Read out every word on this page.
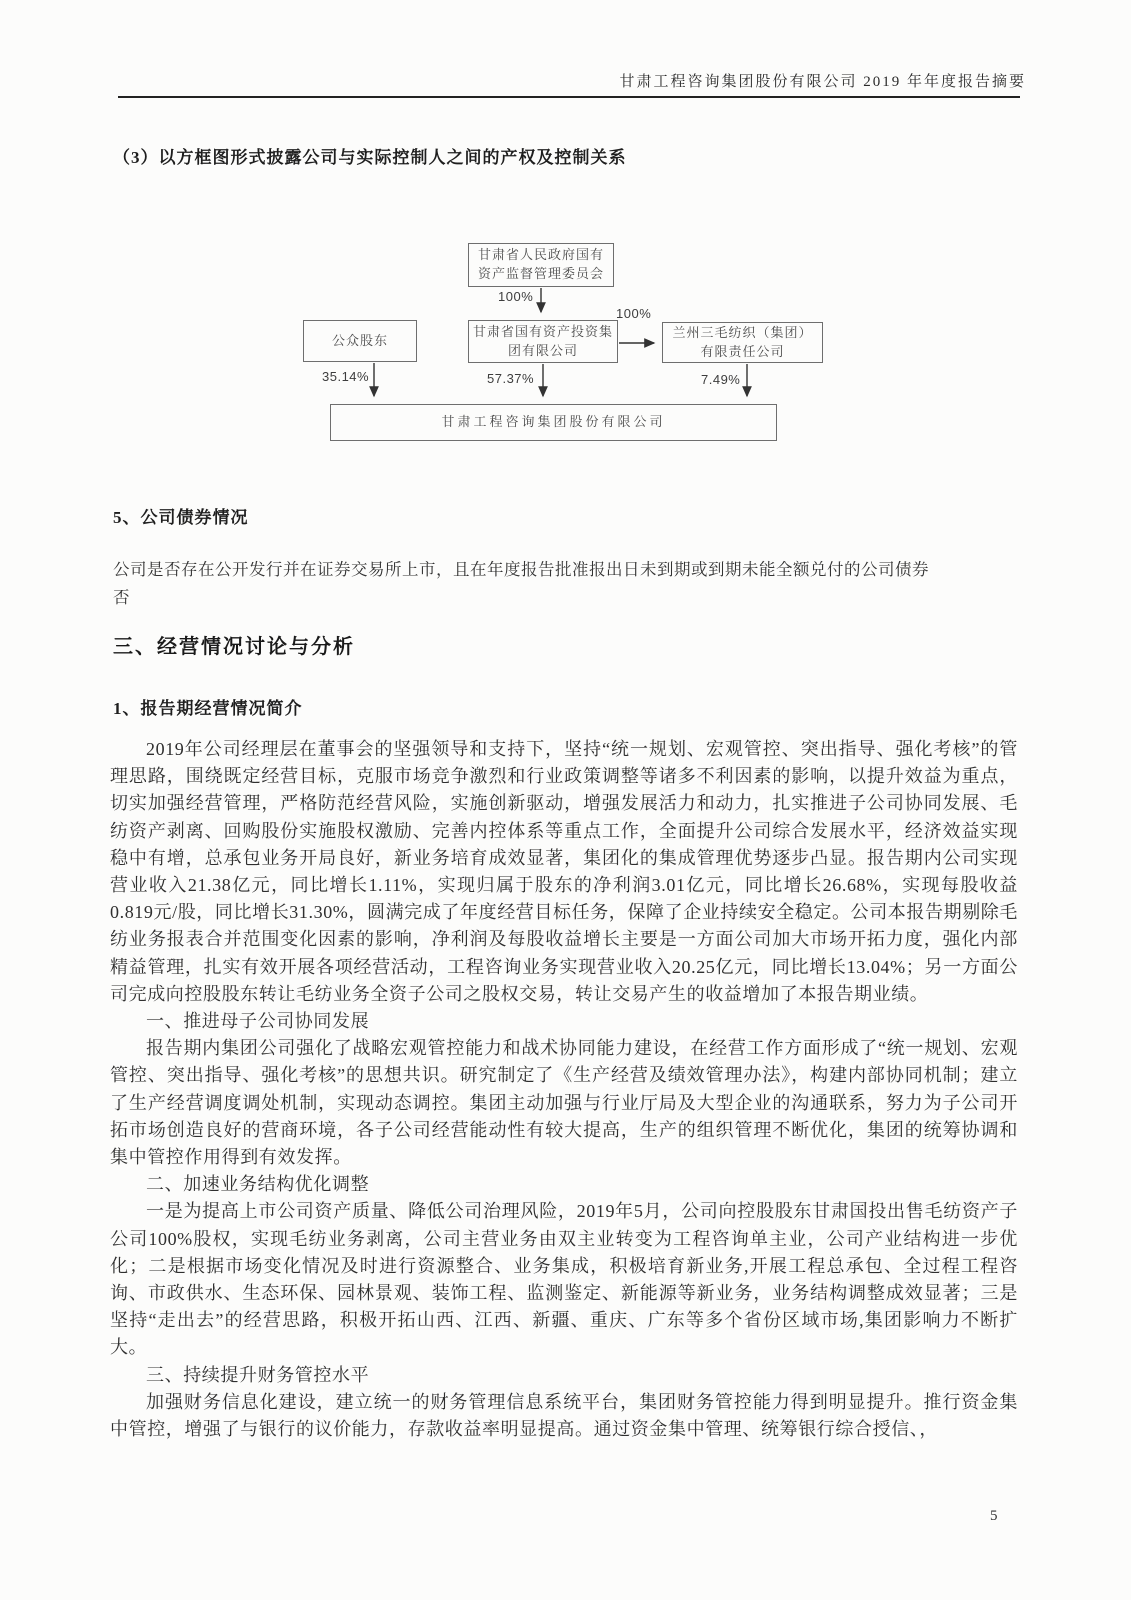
甘肃工程咨询集团股份有限公司 2019 年年度报告摘要
（3）以方框图形式披露公司与实际控制人之间的产权及控制关系
甘肃省人民政府国有资产监督管理委员会
公众股东
甘肃省国有资产投资集团有限公司
兰州三毛纺织（集团）有限责任公司
甘肃工程咨询集团股份有限公司
100%
100%
35.14%	57.37%	7.49%
5、公司债券情况
公司是否存在公开发行并在证券交易所上市，且在年度报告批准报出日未到期或到期未能全额兑付的公司债券
否
三、经营情况讨论与分析
1、报告期经营情况简介

2019年公司经理层在董事会的坚强领导和支持下，坚持“统一规划、宏观管控、突出指导、强化考核”的管理思路，围绕既定经营目标，克服市场竞争激烈和行业政策调整等诸多不利因素的影响，以提升效益为重点，切实加强经营管理，严格防范经营风险，实施创新驱动，增强发展活力和动力，扎实推进子公司协同发展、毛纺资产剥离、回购股份实施股权激励、完善内控体系等重点工作，全面提升公司综合发展水平，经济效益实现稳中有增，总承包业务开局良好，新业务培育成效显著，集团化的集成管理优势逐步凸显。报告期内公司实现营业收入21.38亿元，同比增长1.11%，实现归属于股东的净利润3.01亿元，同比增长26.68%，实现每股收益0.819元/股，同比增长31.30%，圆满完成了年度经营目标任务，保障了企业持续安全稳定。公司本报告期剔除毛纺业务报表合并范围变化因素的影响，净利润及每股收益增长主要是一方面公司加大市场开拓力度，强化内部精益管理，扎实有效开展各项经营活动，工程咨询业务实现营业收入20.25亿元，同比增长13.04%；另一方面公司完成向控股股东转让毛纺业务全资子公司之股权交易，转让交易产生的收益增加了本报告期业绩。

一、推进母子公司协同发展

报告期内集团公司强化了战略宏观管控能力和战术协同能力建设，在经营工作方面形成了“统一规划、宏观管控、突出指导、强化考核”的思想共识。研究制定了《生产经营及绩效管理办法》，构建内部协同机制；建立了生产经营调度调处机制，实现动态调控。集团主动加强与行业厅局及大型企业的沟通联系，努力为子公司开拓市场创造良好的营商环境，各子公司经营能动性有较大提高，生产的组织管理不断优化，集团的统筹协调和集中管控作用得到有效发挥。

二、加速业务结构优化调整

一是为提高上市公司资产质量、降低公司治理风险，2019年5月，公司向控股股东甘肃国投出售毛纺资产子公司100%股权，实现毛纺业务剥离，公司主营业务由双主业转变为工程咨询单主业，公司产业结构进一步优化；二是根据市场变化情况及时进行资源整合、业务集成，积极培育新业务,开展工程总承包、全过程工程咨询、市政供水、生态环保、园林景观、装饰工程、监测鉴定、新能源等新业务，业务结构调整成效显著；三是坚持“走出去”的经营思路，积极开拓山西、江西、新疆、重庆、广东等多个省份区域市场,集团影响力不断扩大。

三、持续提升财务管控水平

加强财务信息化建设，建立统一的财务管理信息系统平台，集团财务管控能力得到明显提升。推行资金集中管控，增强了与银行的议价能力，存款收益率明显提高。通过资金集中管理、统筹银行综合授信、，

5
